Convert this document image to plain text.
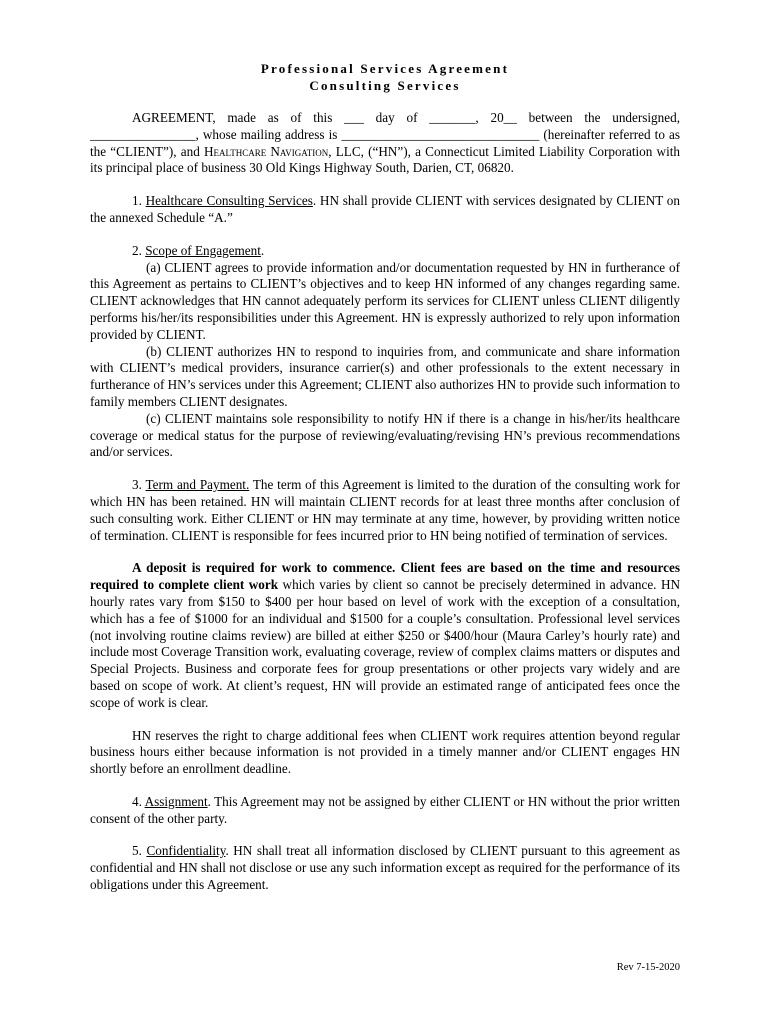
Professional Services Agreement

Consulting Services

AGREEMENT, made as of this ___ day of _______, 20__ between the undersigned, ________________, whose mailing address is ______________________________ (hereinafter referred to as the “CLIENT”), and Healthcare Navigation, LLC, (“HN”), a Connecticut Limited Liability Corporation with its principal place of business 30 Old Kings Highway South, Darien, CT, 06820.

1. Healthcare Consulting Services. HN shall provide CLIENT with services designated by CLIENT on the annexed Schedule “A.”

2. Scope of Engagement.

(a) CLIENT agrees to provide information and/or documentation requested by HN in furtherance of this Agreement as pertains to CLIENT’s objectives and to keep HN informed of any changes regarding same. CLIENT acknowledges that HN cannot adequately perform its services for CLIENT unless CLIENT diligently performs his/her/its responsibilities under this Agreement. HN is expressly authorized to rely upon information provided by CLIENT.

(b) CLIENT authorizes HN to respond to inquiries from, and communicate and share information with CLIENT’s medical providers, insurance carrier(s) and other professionals to the extent necessary in furtherance of HN’s services under this Agreement; CLIENT also authorizes HN to provide such information to family members CLIENT designates.

(c) CLIENT maintains sole responsibility to notify HN if there is a change in his/her/its healthcare coverage or medical status for the purpose of reviewing/evaluating/revising HN’s previous recommendations and/or services.

3. Term and Payment. The term of this Agreement is limited to the duration of the consulting work for which HN has been retained. HN will maintain CLIENT records for at least three months after conclusion of such consulting work. Either CLIENT or HN may terminate at any time, however, by providing written notice of termination. CLIENT is responsible for fees incurred prior to HN being notified of termination of services.

A deposit is required for work to commence. Client fees are based on the time and resources required to complete client work which varies by client so cannot be precisely determined in advance. HN hourly rates vary from $150 to $400 per hour based on level of work with the exception of a consultation, which has a fee of $1000 for an individual and $1500 for a couple’s consultation. Professional level services (not involving routine claims review) are billed at either $250 or $400/hour (Maura Carley’s hourly rate) and include most Coverage Transition work, evaluating coverage, review of complex claims matters or disputes and Special Projects. Business and corporate fees for group presentations or other projects vary widely and are based on scope of work. At client’s request, HN will provide an estimated range of anticipated fees once the scope of work is clear.

HN reserves the right to charge additional fees when CLIENT work requires attention beyond regular business hours either because information is not provided in a timely manner and/or CLIENT engages HN shortly before an enrollment deadline.

4. Assignment. This Agreement may not be assigned by either CLIENT or HN without the prior written consent of the other party.

5. Confidentiality. HN shall treat all information disclosed by CLIENT pursuant to this agreement as confidential and HN shall not disclose or use any such information except as required for the performance of its obligations under this Agreement.

Rev 7-15-2020
